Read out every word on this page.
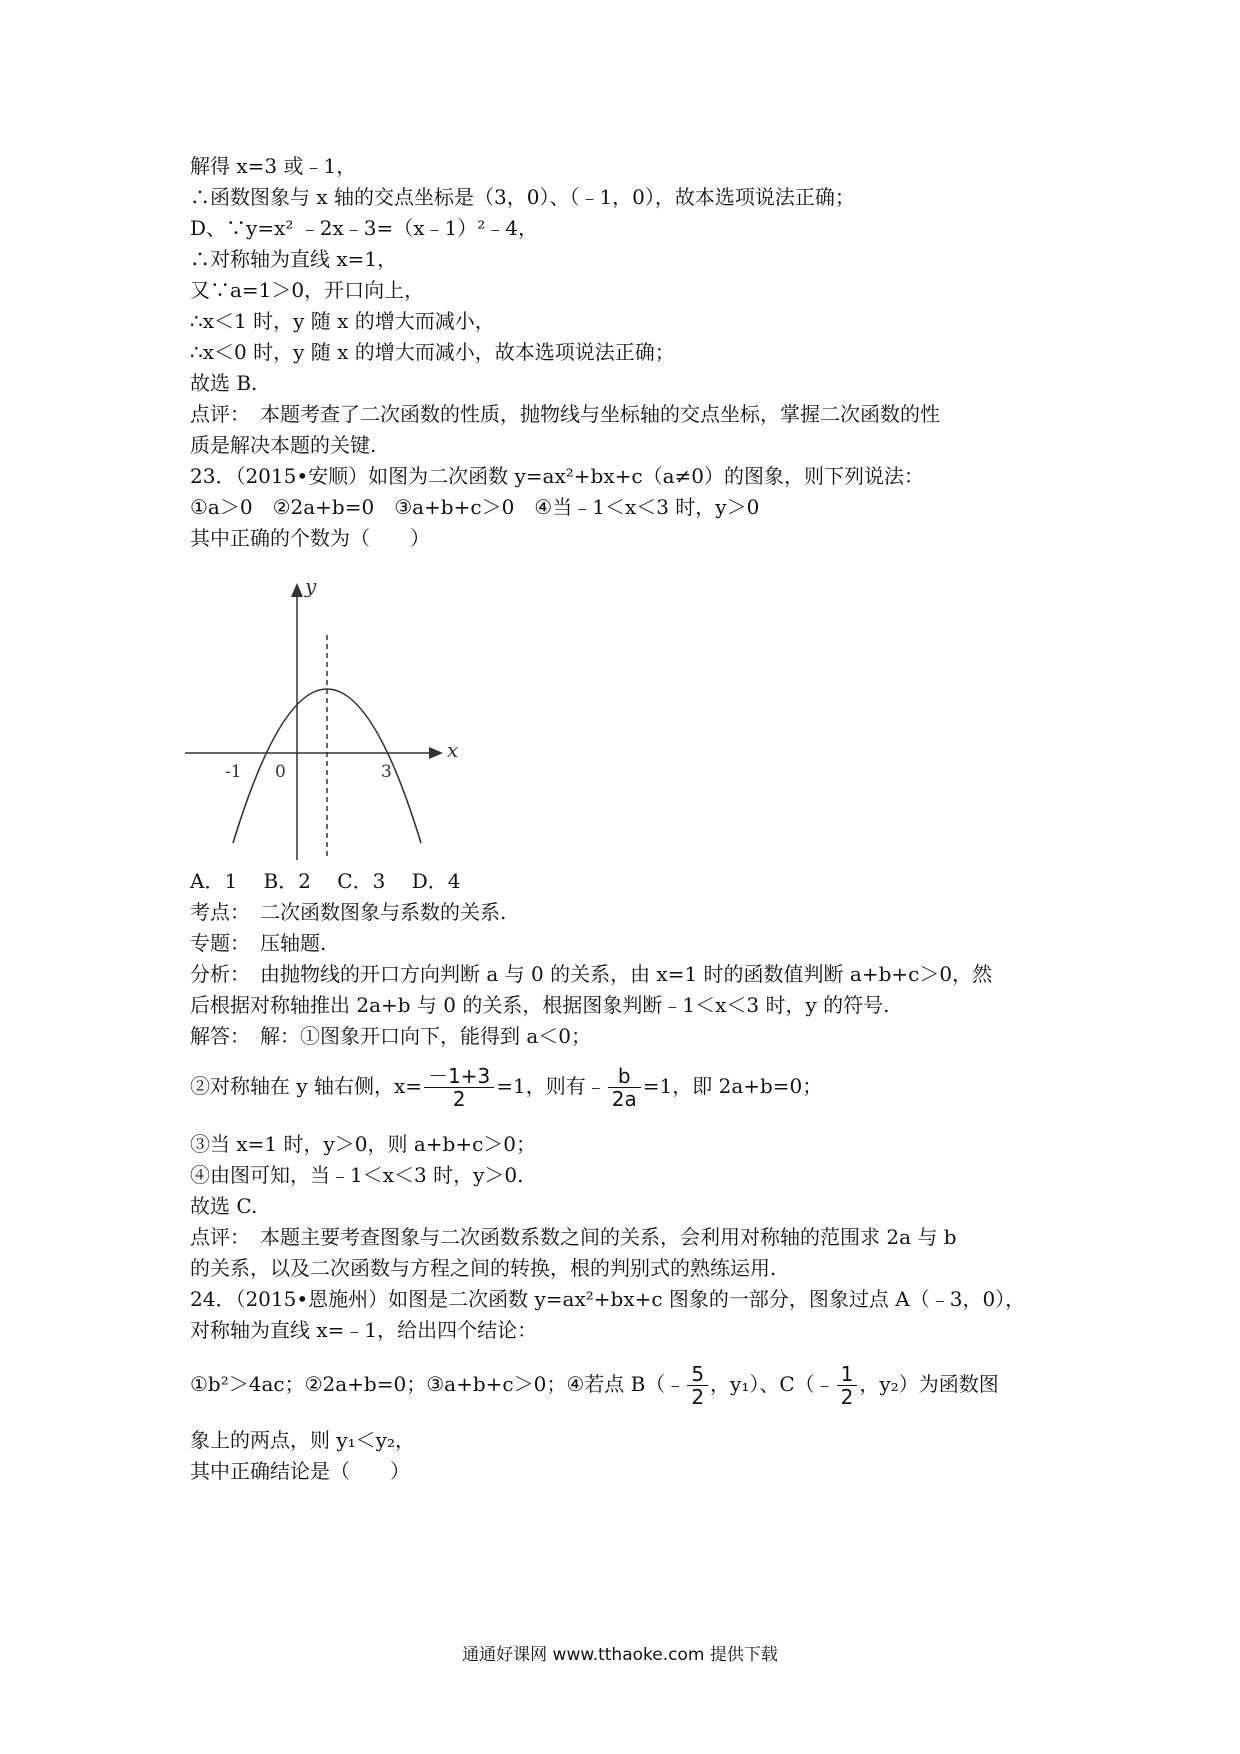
解得 x=3 或﹣1，
∴函数图象与 x 轴的交点坐标是（3，0）、（﹣1，0），故本选项说法正确；
D、∵y=x² ﹣2x﹣3=（x﹣1）²﹣4，
∴对称轴为直线 x=1，
又∵a=1＞0，开口向上，
∴x＜1 时，y 随 x 的增大而减小，
∴x＜0 时，y 随 x 的增大而减小，故本选项说法正确；
故选 B.
点评：　本题考查了二次函数的性质，抛物线与坐标轴的交点坐标，掌握二次函数的性
质是解决本题的关键.
23．（2015•安顺）如图为二次函数 y=ax²+bx+c（a≠0）的图象，则下列说法：
①a＞0　②2a+b=0　③a+b+c＞0　④当﹣1＜x＜3 时，y＞0
其中正确的个数为（　　）
x
y
-1 0	3
A．1　 B．2　 C．3　 D．4
考点：　二次函数图象与系数的关系.
专题：　压轴题.
分析：　由抛物线的开口方向判断 a 与 0 的关系，由 x=1 时的函数值判断 a+b+c＞0，然
后根据对称轴推出 2a+b 与 0 的关系，根据图象判断﹣1＜x＜3 时，y 的符号.
解答：　解：①图象开口向下，能得到 a＜0；
②对称轴在 y 轴右侧，$x= \frac{-1+3}{2} =1$，则有﹣ $\frac{b}{2a} =1$，即 2a+b=0；
③当 x=1 时，y＞0，则 a+b+c＞0；
④由图可知，当﹣1＜x＜3 时，y＞0.
故选 C.
点评：　本题主要考查图象与二次函数系数之间的关系，会利用对称轴的范围求 2a 与 b
的关系，以及二次函数与方程之间的转换，根的判别式的熟练运用.
24．（2015•恩施州）如图是二次函数 y=ax²+bx+c 图象的一部分，图象过点 A（﹣3，0），
对称轴为直线 x=﹣1，给出四个结论：
①b²＞4ac；②2a+b=0；③a+b+c＞0；④若点 B（﹣ $\frac{5}{2}$ ，y₁）、C（﹣ $\frac{1}{2}$ ，y₂）为函数图
象上的两点，则 y₁＜y₂，
其中正确结论是（　　）
通通好课网 www.tthaoke.com 提供下载
